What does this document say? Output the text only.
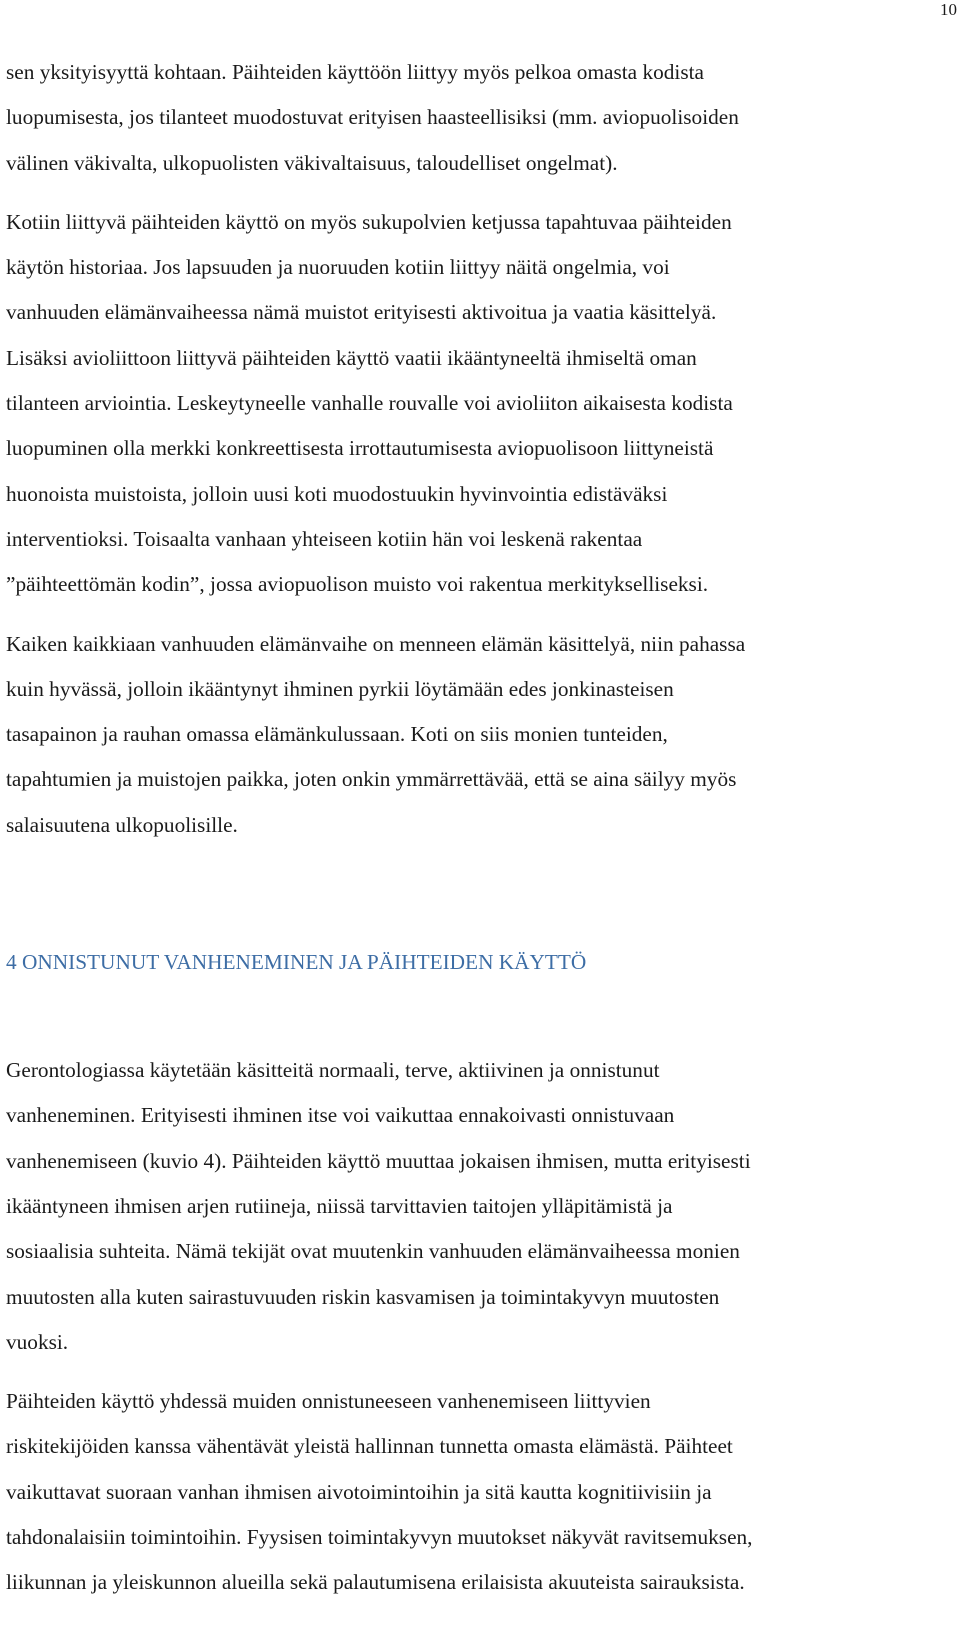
10

sen yksityisyyttä kohtaan. Päihteiden käyttöön liittyy myös pelkoa omasta kodista
luopumisesta, jos tilanteet muodostuvat erityisen haasteellisiksi (mm. aviopuolisoiden
välinen väkivalta, ulkopuolisten väkivaltaisuus, taloudelliset ongelmat).

Kotiin liittyvä päihteiden käyttö on myös sukupolvien ketjussa tapahtuvaa päihteiden
käytön historiaa. Jos lapsuuden ja nuoruuden kotiin liittyy näitä ongelmia, voi
vanhuuden elämänvaiheessa nämä muistot erityisesti aktivoitua ja vaatia käsittelyä.
Lisäksi avioliittoon liittyvä päihteiden käyttö vaatii ikääntyneeltä ihmiseltä oman
tilanteen arviointia. Leskeytyneelle vanhalle rouvalle voi avioliiton aikaisesta kodista
luopuminen olla merkki konkreettisesta irrottautumisesta aviopuolisoon liittyneistä
huonoista muistoista, jolloin uusi koti muodostuukin hyvinvointia edistäväksi
interventioksi. Toisaalta vanhaan yhteiseen kotiin hän voi leskenä rakentaa
”päihteettömän kodin”, jossa aviopuolison muisto voi rakentua merkitykselliseksi.

Kaiken kaikkiaan vanhuuden elämänvaihe on menneen elämän käsittelyä, niin pahassa
kuin hyvässä, jolloin ikääntynyt ihminen pyrkii löytämään edes jonkinasteisen
tasapainon ja rauhan omassa elämänkulussaan. Koti on siis monien tunteiden,
tapahtumien ja muistojen paikka, joten onkin ymmärrettävää, että se aina säilyy myös
salaisuutena ulkopuolisille.

4 ONNISTUNUT VANHENEMINEN JA PÄIHTEIDEN KÄYTTÖ

Gerontologiassa käytetään käsitteitä normaali, terve, aktiivinen ja onnistunut
vanheneminen. Erityisesti ihminen itse voi vaikuttaa ennakoivasti onnistuvaan
vanhenemiseen (kuvio 4). Päihteiden käyttö muuttaa jokaisen ihmisen, mutta erityisesti
ikääntyneen ihmisen arjen rutiineja, niissä tarvittavien taitojen ylläpitämistä ja
sosiaalisia suhteita. Nämä tekijät ovat muutenkin vanhuuden elämänvaiheessa monien
muutosten alla kuten sairastuvuuden riskin kasvamisen ja toimintakyvyn muutosten
vuoksi.

Päihteiden käyttö yhdessä muiden onnistuneeseen vanhenemiseen liittyvien
riskitekijöiden kanssa vähentävät yleistä hallinnan tunnetta omasta elämästä. Päihteet
vaikuttavat suoraan vanhan ihmisen aivotoimintoihin ja sitä kautta kognitiivisiin ja
tahdonalaisiin toimintoihin. Fyysisen toimintakyvyn muutokset näkyvät ravitsemuksen,
liikunnan ja yleiskunnon alueilla sekä palautumisena erilaisista akuuteista sairauksista.
